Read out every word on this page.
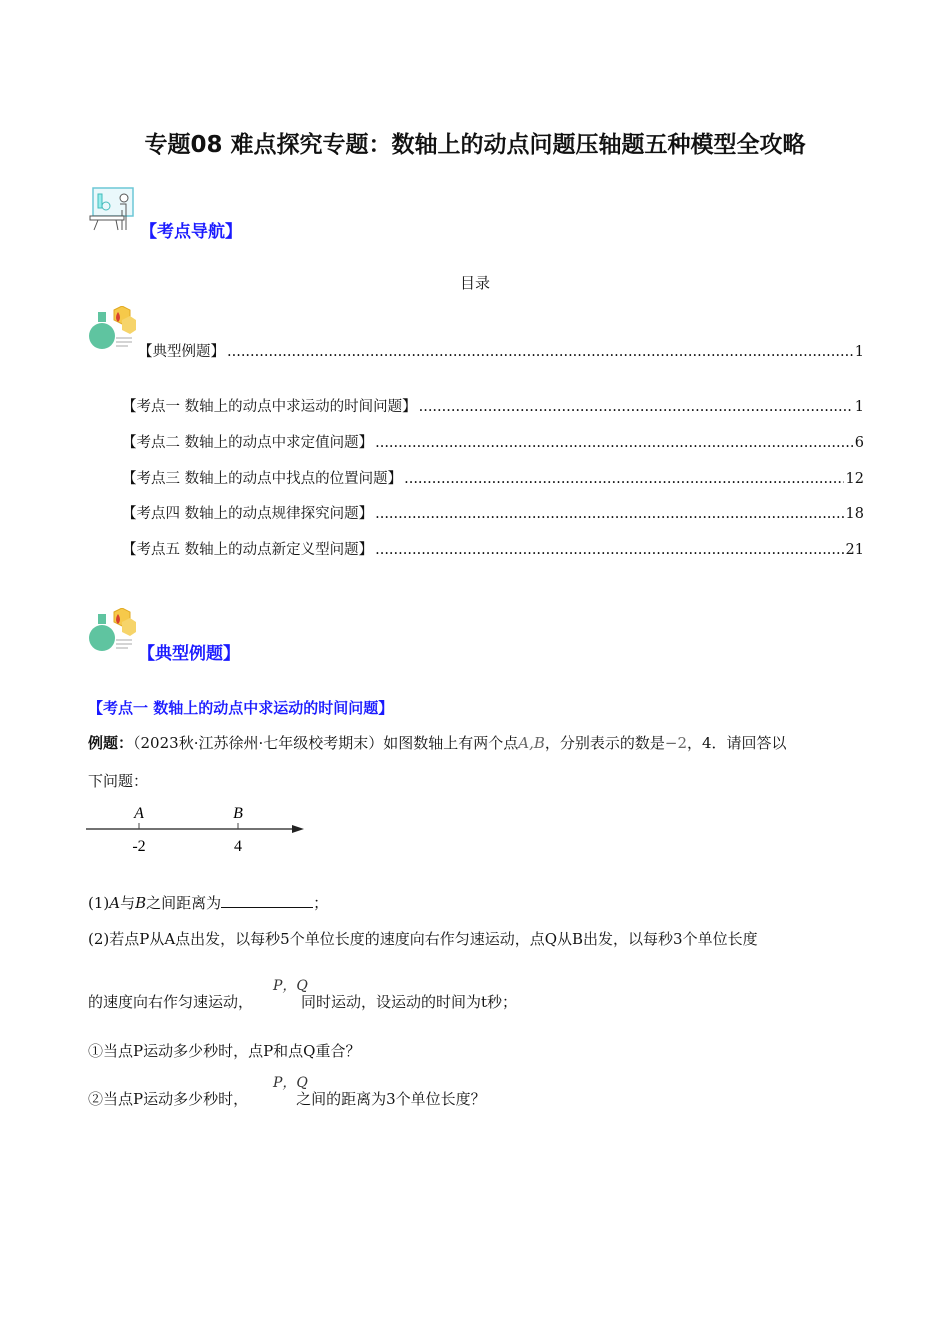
专题08 难点探究专题：数轴上的动点问题压轴题五种模型全攻略
【考点导航】
目录
【典型例题】 .....	1
【考点一 数轴上的动点中求运动的时间问题】 .....	1
【考点二 数轴上的动点中求定值问题】 .....	6
【考点三 数轴上的动点中找点的位置问题】 .....	12
【考点四 数轴上的动点规律探究问题】 .....	18
【考点五 数轴上的动点新定义型问题】 .....	21
【典型例题】
【考点一 数轴上的动点中求运动的时间问题】
例题：（2023秋·江苏徐州·七年级校考期末）如图数轴上有两个点A,B，分别表示的数是−2，4．请回答以
下问题：
A	B
-2	4
(1)A与B之间距离为	；
(2)若点P从A点出发，以每秒5个单位长度的速度向右作匀速运动，点Q从B出发，以每秒3个单位长度
P，Q
的速度向右作匀速运动，	同时运动，设运动的时间为t秒；
①当点P运动多少秒时，点P和点Q重合？
P，Q
②当点P运动多少秒时，	之间的距离为3个单位长度？
